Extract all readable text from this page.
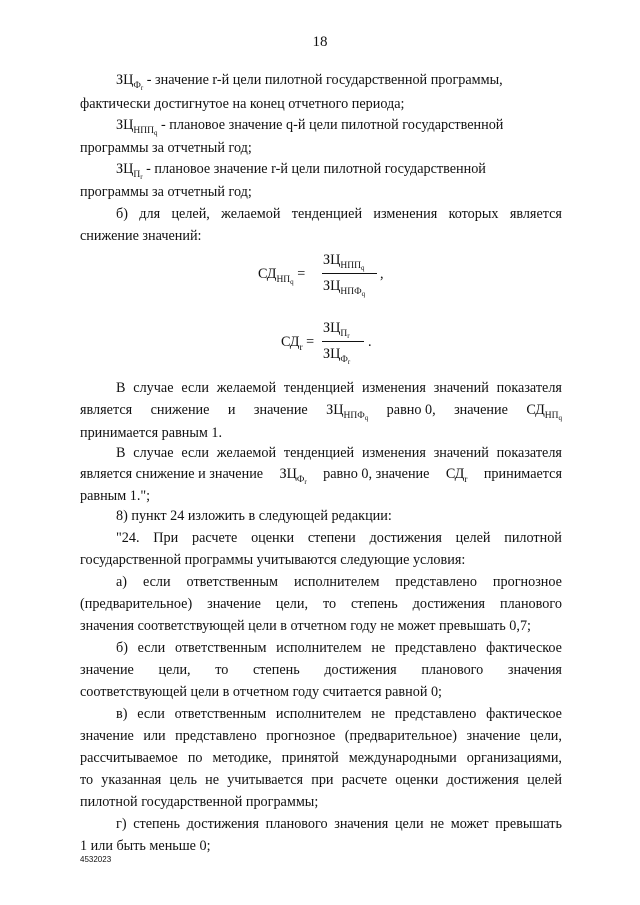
18
$ЗЦ_{Ф_r}$ - значение r-й цели пилотной государственной программы,
фактически достигнутое на конец отчетного периода;
$ЗЦ_{НПП_q}$ - плановое значение q-й цели пилотной государственной
программы за отчетный год;
$ЗЦ_{П_r}$ - плановое значение r-й цели пилотной государственной
программы за отчетный год;
б) для целей, желаемой тенденцией изменения которых является
снижение значений:
$СД_{НП_q}$ =
$ЗЦ_{НПП_q}$
$ЗЦ_{НПФ_q}$
,
$СД_r$ =
$ЗЦ_{П_r}$
$ЗЦ_{Ф_r}$
.
В случае если желаемой тенденцией изменения значений показателя
является снижение и значение $ЗЦ_{НПФ_q}$ равно 0, значение $СД_{НП_q}$
принимается равным 1.
В случае если желаемой тенденцией изменения значений показателя
является снижение и значение $ЗЦ_{Ф_r}$ равно 0, значение $СД_r$ принимается
равным 1.";
8) пункт 24 изложить в следующей редакции:
"24. При расчете оценки степени достижения целей пилотной
государственной программы учитываются следующие условия:
а) если ответственным исполнителем представлено прогнозное
(предварительное) значение цели, то степень достижения планового
значения соответствующей цели в отчетном году не может превышать 0,7;
б) если ответственным исполнителем не представлено фактическое
значение цели, то степень достижения планового значения
соответствующей цели в отчетном году считается равной 0;
в) если ответственным исполнителем не представлено фактическое
значение или представлено прогнозное (предварительное) значение цели,
рассчитываемое по методике, принятой международными организациями,
то указанная цель не учитывается при расчете оценки достижения целей
пилотной государственной программы;
г) степень достижения планового значения цели не может превышать
1 или быть меньше 0;
4532023
